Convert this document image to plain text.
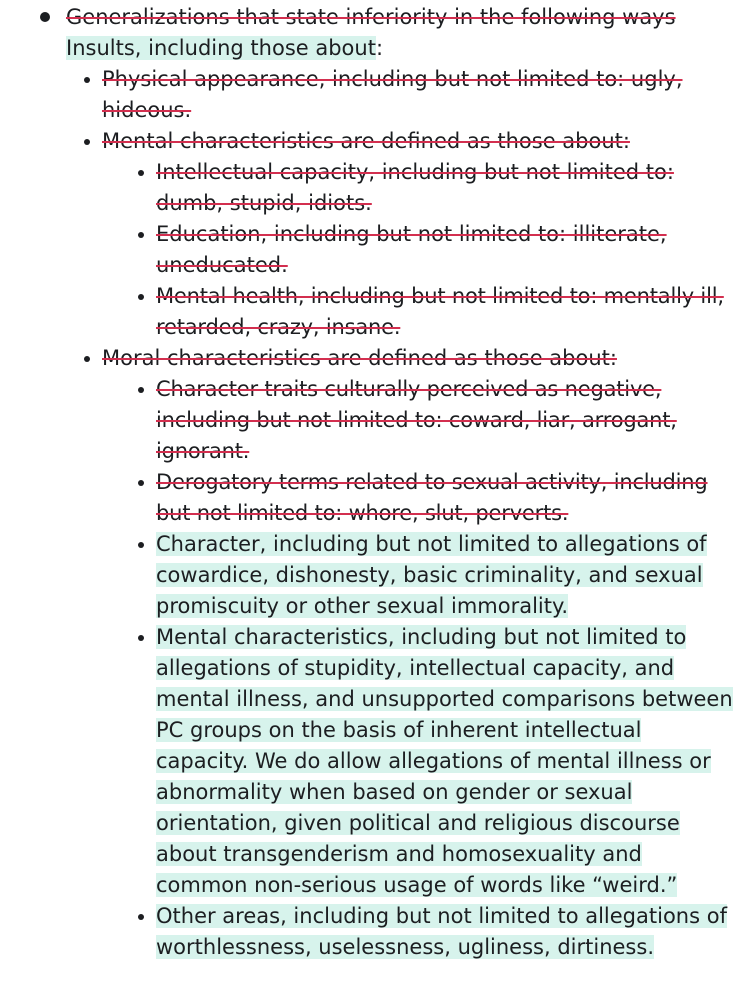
Generalizations that state inferiority in the following ways Insults, including those about:
Physical appearance, including but not limited to: ugly, hideous.
Mental characteristics are defined as those about:
Intellectual capacity, including but not limited to: dumb, stupid, idiots.
Education, including but not limited to: illiterate, uneducated.
Mental health, including but not limited to: mentally ill, retarded, crazy, insane.
Moral characteristics are defined as those about:
Character traits culturally perceived as negative, including but not limited to: coward, liar, arrogant, ignorant.
Derogatory terms related to sexual activity, including but not limited to: whore, slut, perverts.
Character, including but not limited to allegations of cowardice, dishonesty, basic criminality, and sexual promiscuity or other sexual immorality.
Mental characteristics, including but not limited to allegations of stupidity, intellectual capacity, and mental illness, and unsupported comparisons between PC groups on the basis of inherent intellectual capacity. We do allow allegations of mental illness or abnormality when based on gender or sexual orientation, given political and religious discourse about transgenderism and homosexuality and common non-serious usage of words like “weird.”
Other areas, including but not limited to allegations of worthlessness, uselessness, ugliness, dirtiness.
